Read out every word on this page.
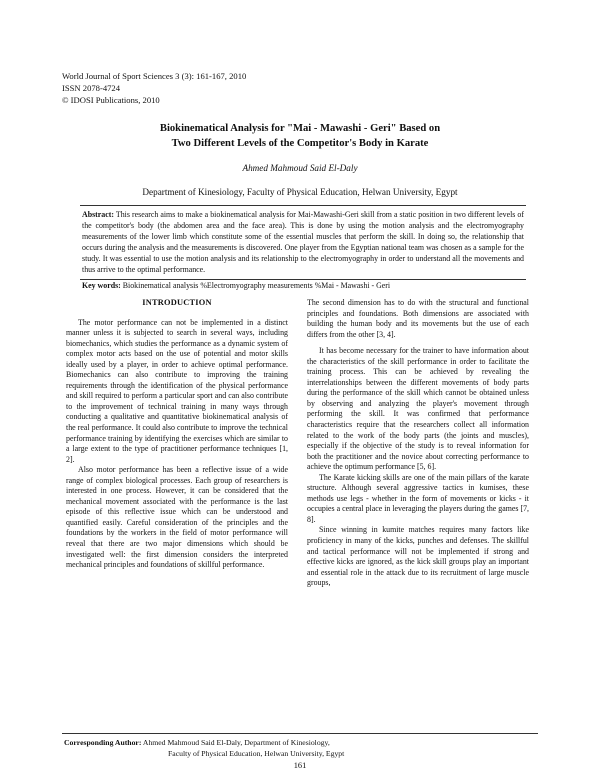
World Journal of Sport Sciences 3 (3): 161-167, 2010
ISSN 2078-4724
© IDOSI Publications, 2010
Biokinematical Analysis for "Mai - Mawashi - Geri" Based on
Two Different Levels of the Competitor's Body in Karate
Ahmed Mahmoud Said El-Daly
Department of Kinesiology, Faculty of Physical Education, Helwan University, Egypt
Abstract: This research aims to make a biokinematical analysis for Mai-Mawashi-Geri skill from a static position in two different levels of the competitor's body (the abdomen area and the face area). This is done by using the motion analysis and the electromyography measurements of the lower limb which constitute some of the essential muscles that perform the skill. In doing so, the relationship that occurs during the analysis and the measurements is discovered. One player from the Egyptian national team was chosen as a sample for the study. It was essential to use the motion analysis and its relationship to the electromyography in order to understand all the movements and thus arrive to the optimal performance.
Key words: Biokinematical analysis %Electromyography measurements %Mai - Mawashi - Geri
INTRODUCTION

The motor performance can not be implemented in a distinct manner unless it is subjected to search in several ways, including biomechanics, which studies the performance as a dynamic system of complex motor acts based on the use of potential and motor skills ideally used by a player, in order to achieve optimal performance. Biomechanics can also contribute to improving the training requirements through the identification of the physical performance and skill required to perform a particular sport and can also contribute to the improvement of technical training in many ways through conducting a qualitative and quantitative biokinematical analysis of the real performance. It could also contribute to improve the technical performance training by identifying the exercises which are similar to a large extent to the type of practitioner performance techniques [1, 2].

Also motor performance has been a reflective issue of a wide range of complex biological processes. Each group of researchers is interested in one process. However, it can be considered that the mechanical movement associated with the performance is the last episode of this reflective issue which can be understood and quantified easily. Careful consideration of the principles and the foundations by the workers in the field of motor performance will reveal that there are two major dimensions which should be investigated well: the first dimension considers the interpreted mechanical principles and foundations of skillful performance.

The second dimension has to do with the structural and functional principles and foundations. Both dimensions are associated with building the human body and its movements but the use of each differs from the other [3, 4].

It has become necessary for the trainer to have information about the characteristics of the skill performance in order to facilitate the training process. This can be achieved by revealing the interrelationships between the different movements of body parts during the performance of the skill which cannot be obtained unless by observing and analyzing the player's movement through performing the skill. It was confirmed that performance characteristics require that the researchers collect all information related to the work of the body parts (the joints and muscles), especially if the objective of the study is to reveal information for both the practitioner and the novice about correcting performance to achieve the optimum performance [5, 6].

The Karate kicking skills are one of the main pillars of the karate structure. Although several aggressive tactics in kumises, these methods use legs - whether in the form of movements or kicks - it occupies a central place in leveraging the players during the games [7, 8].

Since winning in kumite matches requires many factors like proficiency in many of the kicks, punches and defenses. The skillful and tactical performance will not be implemented if strong and effective kicks are ignored, as the kick skill groups play an important and essential role in the attack due to its recruitment of large muscle groups,

Corresponding Author: Ahmed Mahmoud Said El-Daly, Department of Kinesiology,
Faculty of Physical Education, Helwan University, Egypt
161
